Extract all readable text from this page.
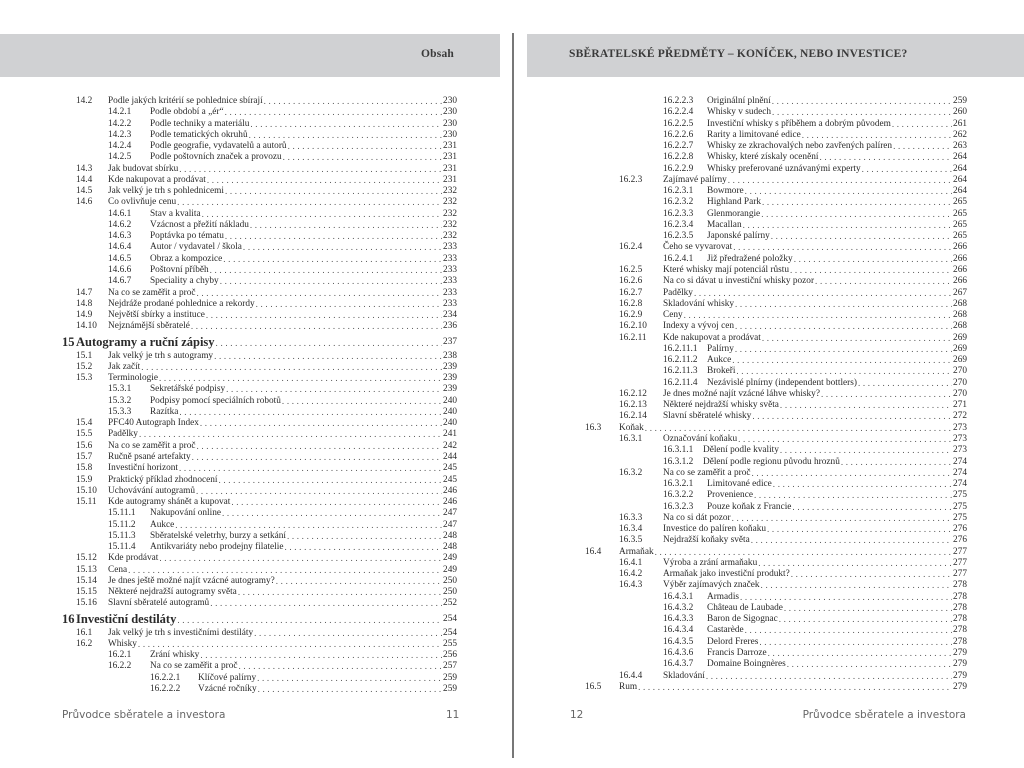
Obsah	SBĚRATELSKÉ PŘEDMĚTY – KONÍČEK, NEBO INVESTICE?
14.2 Podle jakých kritérií se pohlednice sbírají . . .	230
14.2.1 Podle období a „ér“ . . .	230
14.2.2 Podle techniky a materiálu . . .	230
14.2.3 Podle tematických okruhů . . .	230
14.2.4 Podle geografie, vydavatelů a autorů . . .	231
14.2.5 Podle poštovních značek a provozu . . .	231
14.3 Jak budovat sbírku . . .	231
14.4 Kde nakupovat a prodávat . . .	231
14.5 Jak velký je trh s pohlednicemi . . .	232
14.6 Co ovlivňuje cenu . . .	232
14.6.1 Stav a kvalita . . .	232
14.6.2 Vzácnost a přežití nákladu . . .	232
14.6.3 Poptávka po tématu . . .	232
14.6.4 Autor / vydavatel / škola . . .	233
14.6.5 Obraz a kompozice . . .	233
14.6.6 Poštovní příběh . . .	233
14.6.7 Speciality a chyby . . .	233
14.7 Na co se zaměřit a proč . . .	233
14.8 Nejdráže prodané pohlednice a rekordy . . .	233
14.9 Největší sbírky a instituce . . .	234
14.10 Nejznámější sběratelé . . .	236
15 Autogramy a ruční zápisy . . .	237
15.1 Jak velký je trh s autogramy . . .	238
15.2 Jak začít . . .	239
15.3 Terminologie . . .	239
15.3.1 Sekretářské podpisy . . .	239
15.3.2 Podpisy pomocí speciálních robotů . . .	240
15.3.3 Razítka . . .	240
15.4 PFC40 Autograph Index . . .	240
15.5 Padělky . . .	241
15.6 Na co se zaměřit a proč . . .	242
15.7 Ručně psané artefakty . . .	244
15.8 Investiční horizont . . .	245
15.9 Praktický příklad zhodnocení . . .	245
15.10 Uchovávání autogramů . . .	246
15.11 Kde autogramy shánět a kupovat . . .	246
15.11.1 Nakupování online . . .	247
15.11.2 Aukce . . .	247
15.11.3 Sběratelské veletrhy, burzy a setkání . . .	248
15.11.4 Antikvariáty nebo prodejny filatelie . . .	248
15.12 Kde prodávat . . .	249
15.13 Cena . . .	249
15.14 Je dnes ještě možné najít vzácné autogramy? . . .	250
15.15 Některé nejdražší autogramy světa . . .	250
15.16 Slavní sběratelé autogramů . . .	252
16 Investiční destiláty . . .	254
16.1 Jak velký je trh s investičními destiláty . . .	254
16.2 Whisky . . .	255
16.2.1 Zrání whisky . . .	256
16.2.2 Na co se zaměřit a proč . . .	257
16.2.2.1 Klíčové palírny . . .	259
16.2.2.2 Vzácné ročníky . . .	259
16.2.2.3 Originální plnění . . .	259
16.2.2.4 Whisky v sudech . . .	260
16.2.2.5 Investiční whisky s příběhem a dobrým původem . . .	261
16.2.2.6 Rarity a limitované edice . . .	262
16.2.2.7 Whisky ze zkrachovalých nebo zavřených palíren . . .	263
16.2.2.8 Whisky, které získaly ocenění . . .	264
16.2.2.9 Whisky preferované uznávanými experty . . .	264
16.2.3 Zajímavé palírny . . .	264
16.2.3.1 Bowmore . . .	264
16.2.3.2 Highland Park . . .	265
16.2.3.3 Glenmorangie . . .	265
16.2.3.4 Macallan . . .	265
16.2.3.5 Japonské palírny . . .	265
16.2.4 Čeho se vyvarovat . . .	266
16.2.4.1 Již předražené položky . . .	266
16.2.5 Které whisky mají potenciál růstu . . .	266
16.2.6 Na co si dávat u investiční whisky pozor . . .	266
16.2.7 Padělky . . .	267
16.2.8 Skladování whisky . . .	268
16.2.9 Ceny . . .	268
16.2.10 Indexy a vývoj cen . . .	268
16.2.11 Kde nakupovat a prodávat . . .	269
16.2.11.1 Palírny . . .	269
16.2.11.2 Aukce . . .	269
16.2.11.3 Brokeři . . .	270
16.2.11.4 Nezávislé plnírny (independent bottlers) . . .	270
16.2.12 Je dnes možné najít vzácné láhve whisky? . . .	270
16.2.13 Některé nejdražší whisky světa . . .	271
16.2.14 Slavní sběratelé whisky . . .	272
16.3 Koňak . . .	273
16.3.1 Označování koňaku . . .	273
16.3.1.1 Dělení podle kvality . . .	273
16.3.1.2 Dělení podle regionu původu hroznů . . .	274
16.3.2 Na co se zaměřit a proč . . .	274
16.3.2.1 Limitované edice . . .	274
16.3.2.2 Provenience . . .	275
16.3.2.3 Pouze koňak z Francie . . .	275
16.3.3 Na co si dát pozor . . .	275
16.3.4 Investice do palíren koňaku . . .	276
16.3.5 Nejdražší koňaky světa . . .	276
16.4 Armaňak . . .	277
16.4.1 Výroba a zrání armaňaku . . .	277
16.4.2 Armaňak jako investiční produkt? . . .	277
16.4.3 Výběr zajímavých značek . . .	278
16.4.3.1 Armadis . . .	278
16.4.3.2 Château de Laubade . . .	278
16.4.3.3 Baron de Sigognac . . .	278
16.4.3.4 Castarède . . .	278
16.4.3.5 Delord Freres . . .	278
16.4.3.6 Francis Darroze . . .	279
16.4.3.7 Domaine Boingnères . . .	279
16.4.4 Skladování . . .	279
16.5 Rum . . .	279
Průvodce sběratele a investora	11	12	Průvodce sběratele a investora
